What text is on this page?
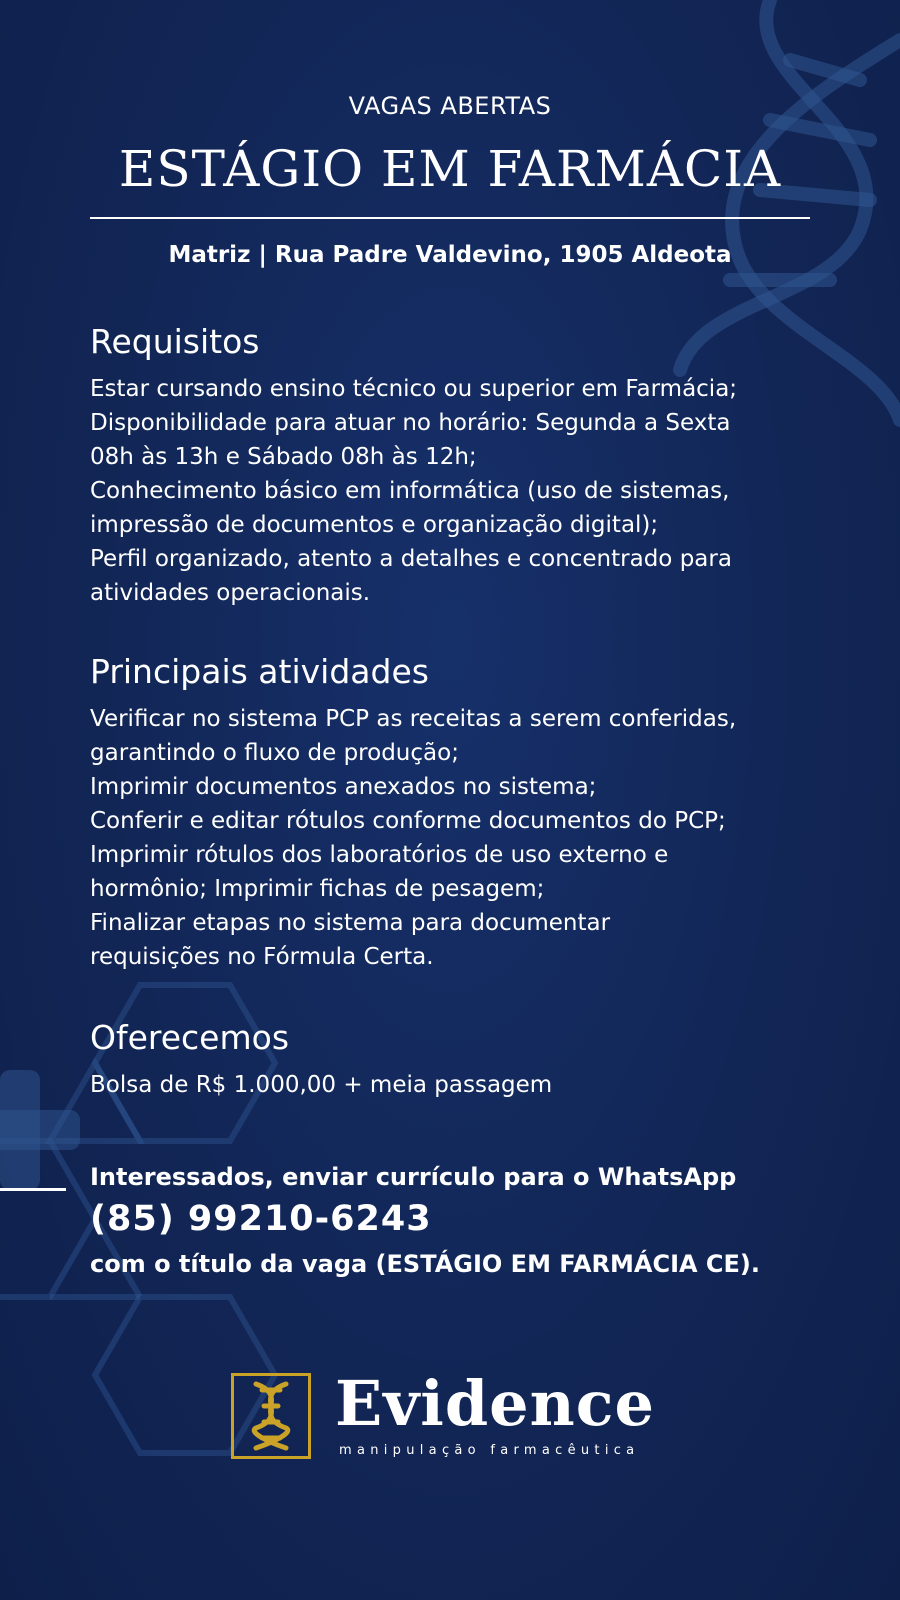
VAGAS ABERTAS
ESTÁGIO EM FARMÁCIA
Matriz | Rua Padre Valdevino, 1905 Aldeota
Requisitos
Estar cursando ensino técnico ou superior em Farmácia;
Disponibilidade para atuar no horário: Segunda a Sexta
08h às 13h e Sábado 08h às 12h;
Conhecimento básico em informática (uso de sistemas,
impressão de documentos e organização digital);
Perfil organizado, atento a detalhes e concentrado para
atividades operacionais.
Principais atividades
Verificar no sistema PCP as receitas a serem conferidas,
garantindo o fluxo de produção;
Imprimir documentos anexados no sistema;
Conferir e editar rótulos conforme documentos do PCP;
Imprimir rótulos dos laboratórios de uso externo e
hormônio; Imprimir fichas de pesagem;
Finalizar etapas no sistema para documentar
requisições no Fórmula Certa.
Oferecemos
Bolsa de R$ 1.000,00 + meia passagem
Interessados, enviar currículo para o WhatsApp
(85) 99210-6243
com o título da vaga (ESTÁGIO EM FARMÁCIA CE).
Evidence
manipulação farmacêutica
